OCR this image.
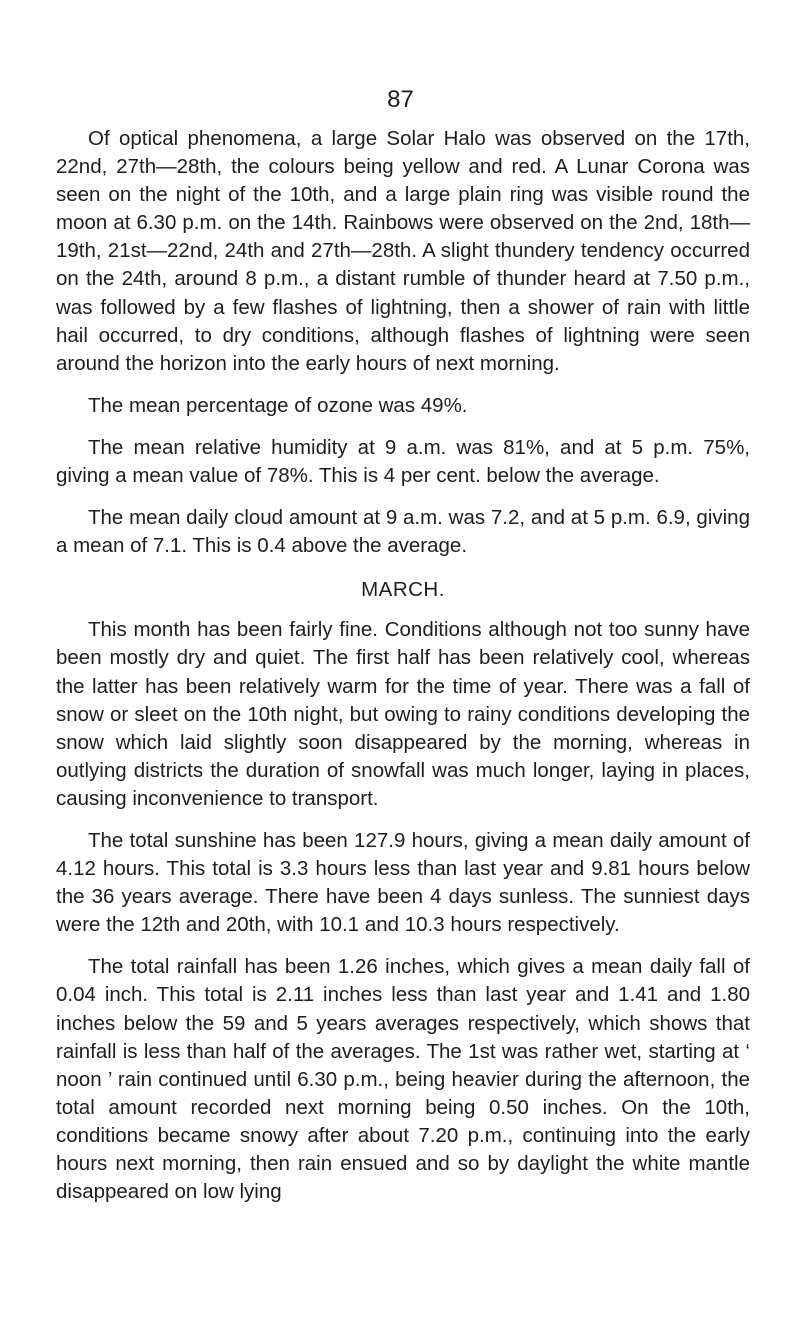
87

Of optical phenomena, a large Solar Halo was observed on the 17th, 22nd, 27th—28th, the colours being yellow and red. A Lunar Corona was seen on the night of the 10th, and a large plain ring was visible round the moon at 6.30 p.m. on the 14th. Rainbows were observed on the 2nd, 18th—19th, 21st—22nd, 24th and 27th—28th. A slight thundery tendency occurred on the 24th, around 8 p.m., a distant rumble of thunder heard at 7.50 p.m., was followed by a few flashes of lightning, then a shower of rain with little hail occurred, to dry conditions, although flashes of lightning were seen around the horizon into the early hours of next morning.

The mean percentage of ozone was 49%.

The mean relative humidity at 9 a.m. was 81%, and at 5 p.m. 75%, giving a mean value of 78%. This is 4 per cent. below the average.

The mean daily cloud amount at 9 a.m. was 7.2, and at 5 p.m. 6.9, giving a mean of 7.1. This is 0.4 above the average.

MARCH.

This month has been fairly fine. Conditions although not too sunny have been mostly dry and quiet. The first half has been relatively cool, whereas the latter has been relatively warm for the time of year. There was a fall of snow or sleet on the 10th night, but owing to rainy conditions developing the snow which laid slightly soon disappeared by the morning, whereas in outlying districts the duration of snowfall was much longer, laying in places, causing inconvenience to transport.

The total sunshine has been 127.9 hours, giving a mean daily amount of 4.12 hours. This total is 3.3 hours less than last year and 9.81 hours below the 36 years average. There have been 4 days sunless. The sunniest days were the 12th and 20th, with 10.1 and 10.3 hours respectively.

The total rainfall has been 1.26 inches, which gives a mean daily fall of 0.04 inch. This total is 2.11 inches less than last year and 1.41 and 1.80 inches below the 59 and 5 years averages respectively, which shows that rainfall is less than half of the averages. The 1st was rather wet, starting at ‘ noon ’ rain continued until 6.30 p.m., being heavier during the afternoon, the total amount recorded next morning being 0.50 inches. On the 10th, conditions became snowy after about 7.20 p.m., continuing into the early hours next morning, then rain ensued and so by daylight the white mantle disappeared on low lying
